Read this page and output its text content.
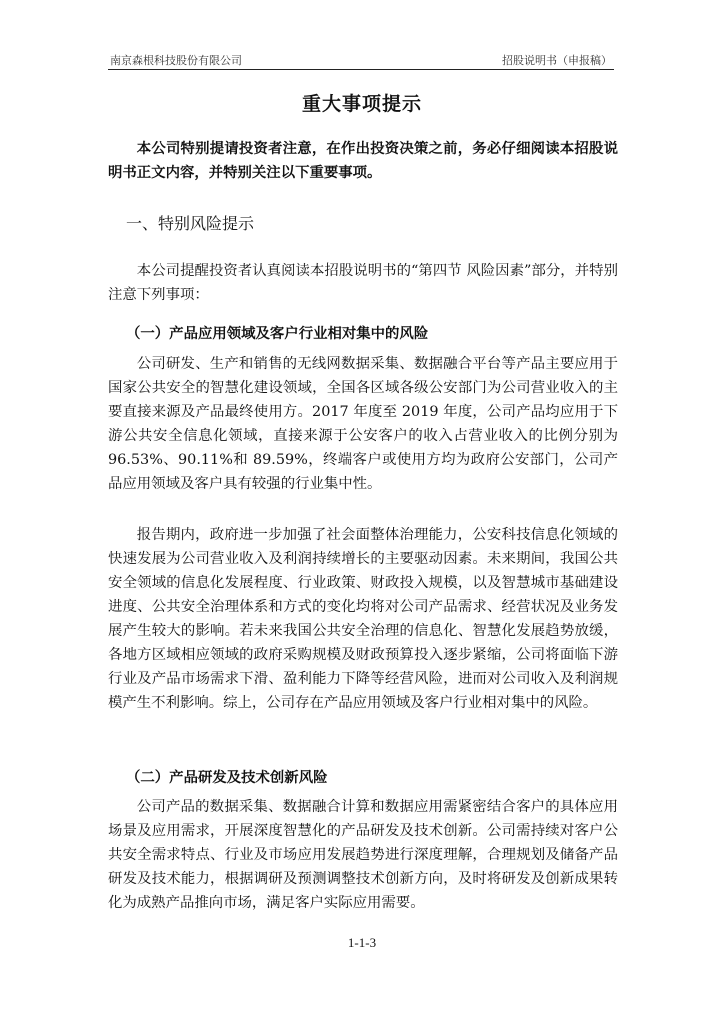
南京森根科技股份有限公司	招股说明书（申报稿）
重大事项提示
本公司特别提请投资者注意，在作出投资决策之前，务必仔细阅读本招股说明书正文内容，并特别关注以下重要事项。
一、特别风险提示
本公司提醒投资者认真阅读本招股说明书的“第四节 风险因素”部分，并特别注意下列事项：
（一）产品应用领域及客户行业相对集中的风险
公司研发、生产和销售的无线网数据采集、数据融合平台等产品主要应用于国家公共安全的智慧化建设领域，全国各区域各级公安部门为公司营业收入的主要直接来源及产品最终使用方。2017 年度至 2019 年度，公司产品均应用于下游公共安全信息化领域，直接来源于公安客户的收入占营业收入的比例分别为96.53%、90.11%和 89.59%，终端客户或使用方均为政府公安部门，公司产品应用领域及客户具有较强的行业集中性。
报告期内，政府进一步加强了社会面整体治理能力，公安科技信息化领域的快速发展为公司营业收入及利润持续增长的主要驱动因素。未来期间，我国公共安全领域的信息化发展程度、行业政策、财政投入规模，以及智慧城市基础建设进度、公共安全治理体系和方式的变化均将对公司产品需求、经营状况及业务发展产生较大的影响。若未来我国公共安全治理的信息化、智慧化发展趋势放缓，各地方区域相应领域的政府采购规模及财政预算投入逐步紧缩，公司将面临下游行业及产品市场需求下滑、盈利能力下降等经营风险，进而对公司收入及利润规模产生不利影响。综上，公司存在产品应用领域及客户行业相对集中的风险。
（二）产品研发及技术创新风险
公司产品的数据采集、数据融合计算和数据应用需紧密结合客户的具体应用场景及应用需求，开展深度智慧化的产品研发及技术创新。公司需持续对客户公共安全需求特点、行业及市场应用发展趋势进行深度理解，合理规划及储备产品研发及技术能力，根据调研及预测调整技术创新方向，及时将研发及创新成果转化为成熟产品推向市场，满足客户实际应用需要。
1-1-3
